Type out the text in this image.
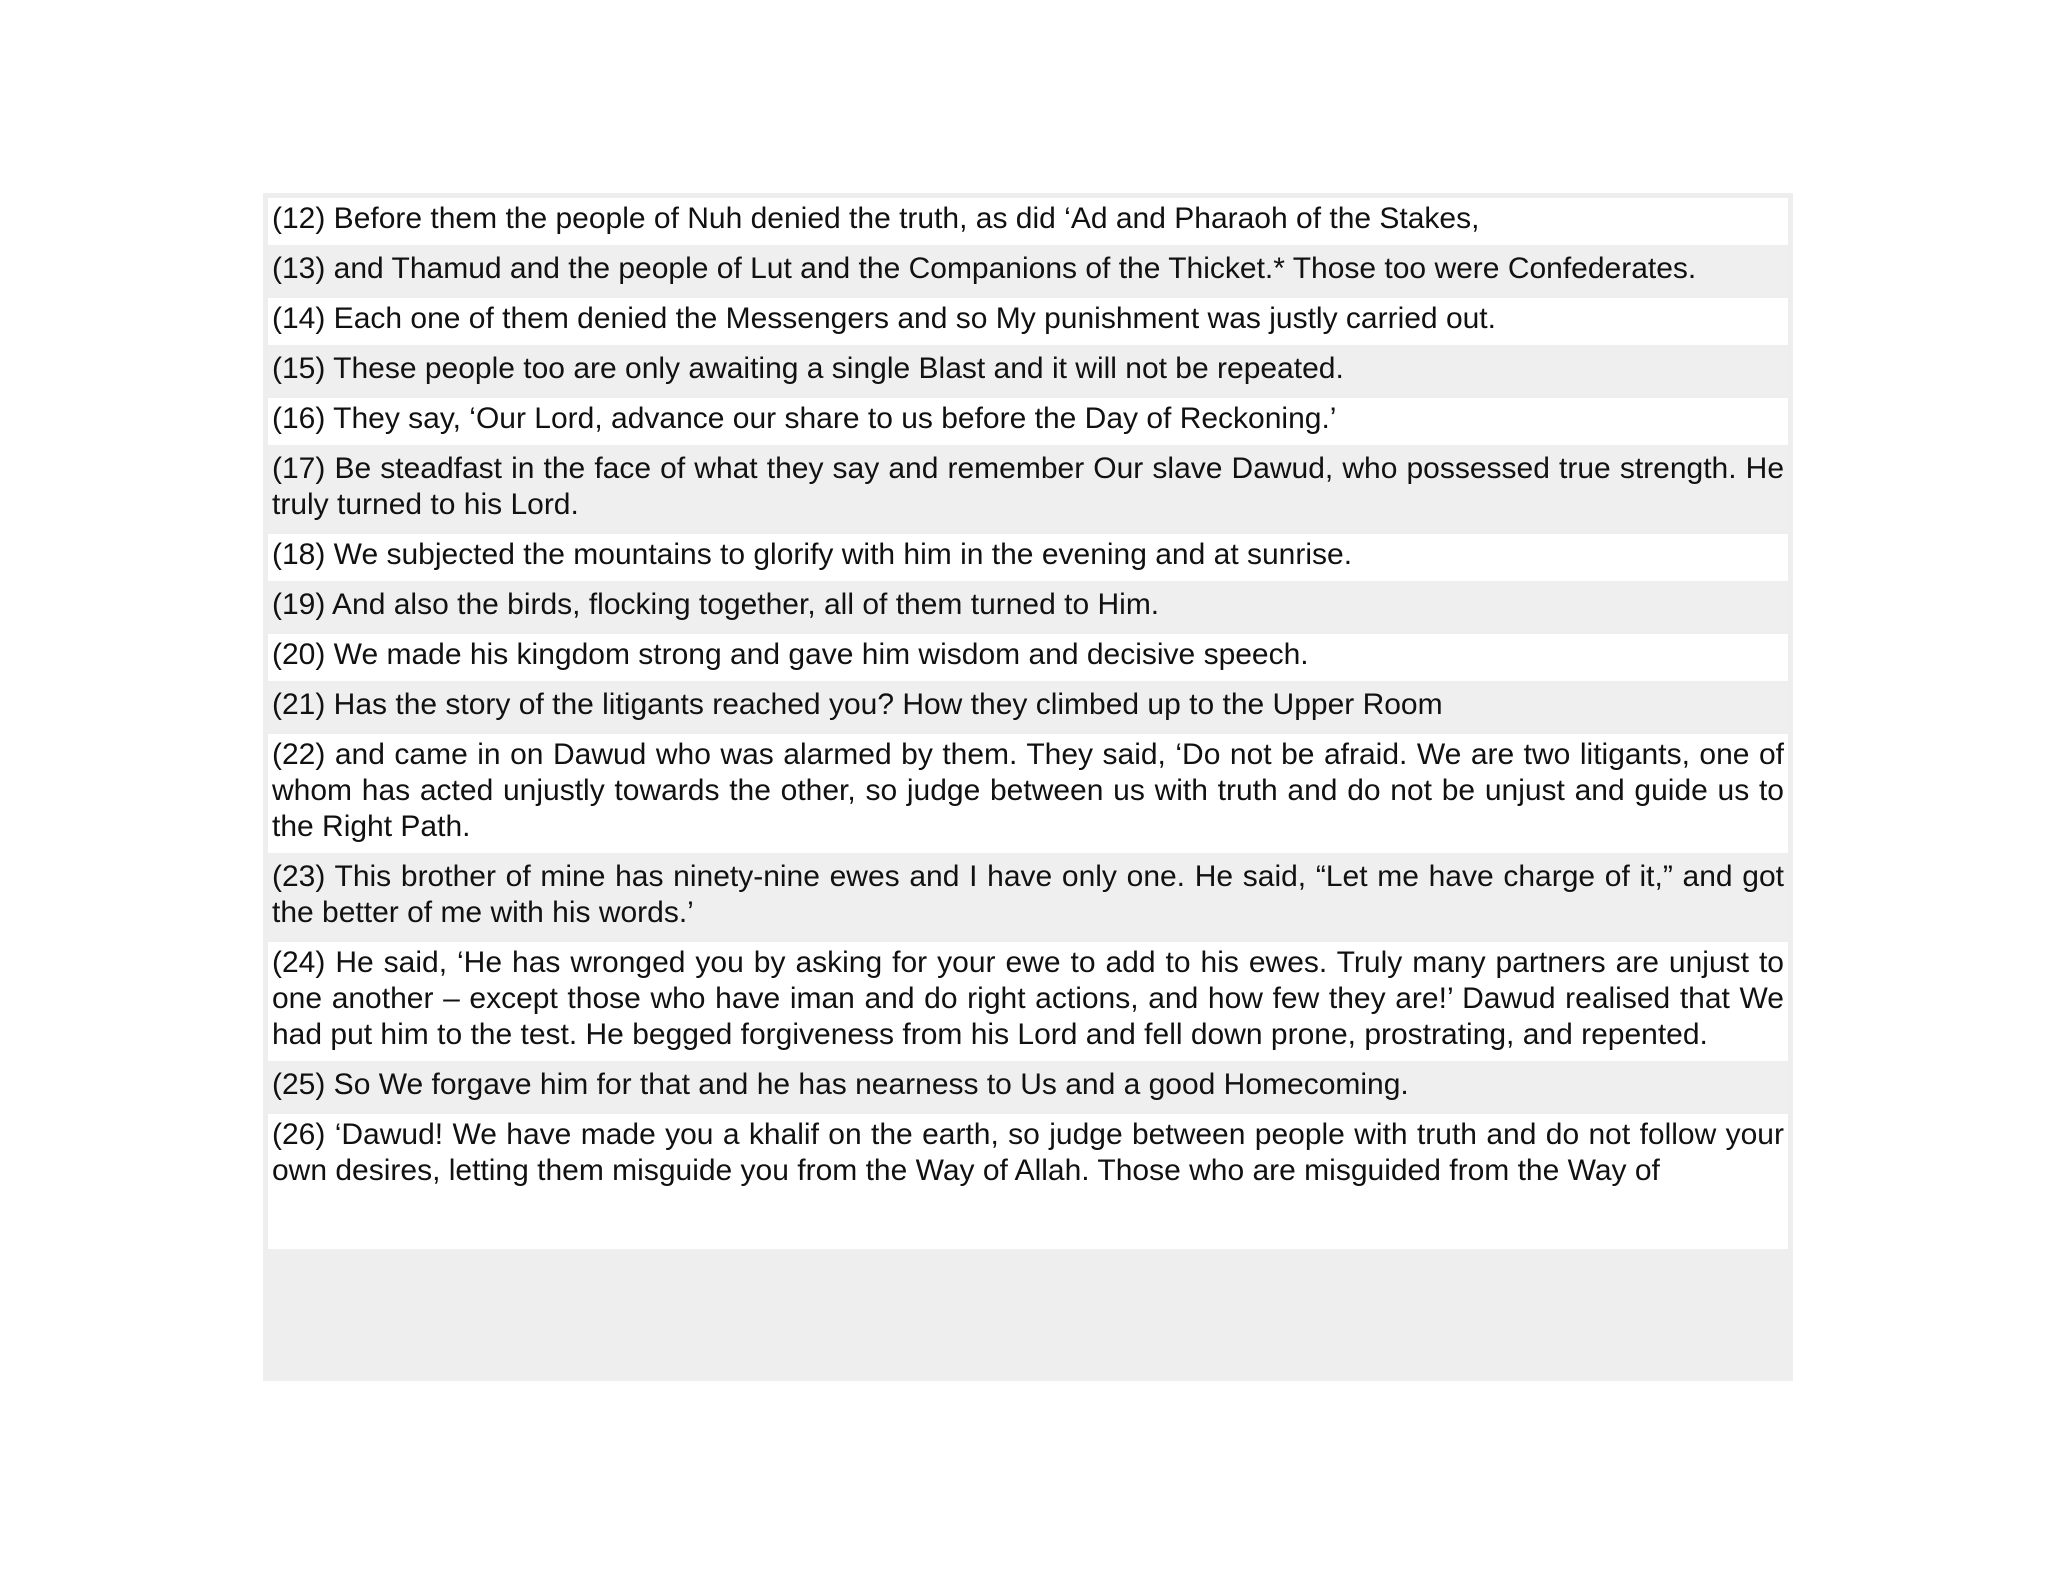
(12) Before them the people of Nuh denied the truth, as did ‘Ad and Pharaoh of the Stakes,
(13) and Thamud and the people of Lut and the Companions of the Thicket.* Those too were Confederates.
(14) Each one of them denied the Messengers and so My punishment was justly carried out.
(15) These people too are only awaiting a single Blast and it will not be repeated.
(16) They say, ‘Our Lord, advance our share to us before the Day of Reckoning.’
(17) Be steadfast in the face of what they say and remember Our slave Dawud, who possessed true strength. He truly turned to his Lord.
(18) We subjected the mountains to glorify with him in the evening and at sunrise.
(19) And also the birds, flocking together, all of them turned to Him.
(20) We made his kingdom strong and gave him wisdom and decisive speech.
(21) Has the story of the litigants reached you? How they climbed up to the Upper Room
(22) and came in on Dawud who was alarmed by them. They said, ‘Do not be afraid. We are two litigants, one of whom has acted unjustly towards the other, so judge between us with truth and do not be unjust and guide us to the Right Path.
(23) This brother of mine has ninety-nine ewes and I have only one. He said, “Let me have charge of it,” and got the better of me with his words.’
(24) He said, ‘He has wronged you by asking for your ewe to add to his ewes. Truly many partners are unjust to one another – except those who have iman and do right actions, and how few they are!’ Dawud realised that We had put him to the test. He begged forgiveness from his Lord and fell down prone, prostrating, and repented.
(25) So We forgave him for that and he has nearness to Us and a good Homecoming.
(26) ‘Dawud! We have made you a khalif on the earth, so judge between people with truth and do not follow your own desires, letting them misguide you from the Way of Allah. Those who are misguided from the Way of
